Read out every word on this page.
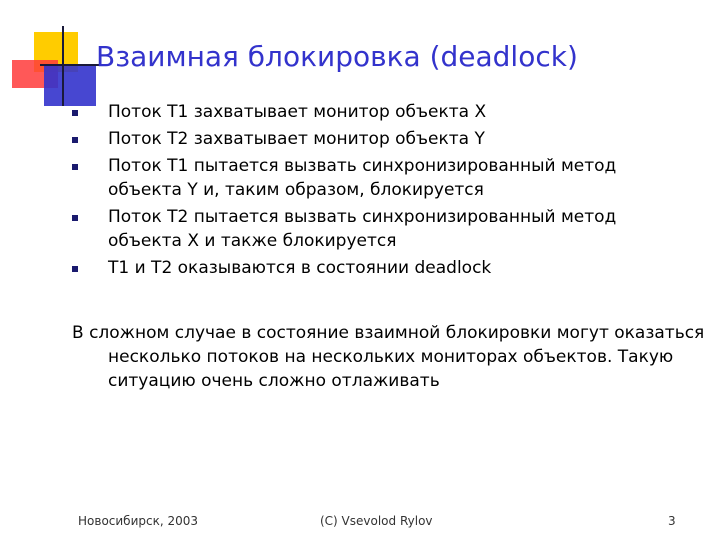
Взаимная блокировка (deadlock)
Поток T1 захватывает монитор объекта X
Поток T2 захватывает монитор объекта Y
Поток T1 пытается вызвать синхронизированный метод объекта Y и, таким образом, блокируется
Поток T2 пытается вызвать синхронизированный метод объекта X и также блокируется
T1 и T2 оказываются в состоянии deadlock

В сложном случае в состояние взаимной блокировки могут оказаться несколько потоков на нескольких мониторах объектов. Такую ситуацию очень сложно отлаживать

Новосибирск, 2003	(C) Vsevolod Rylov	3
